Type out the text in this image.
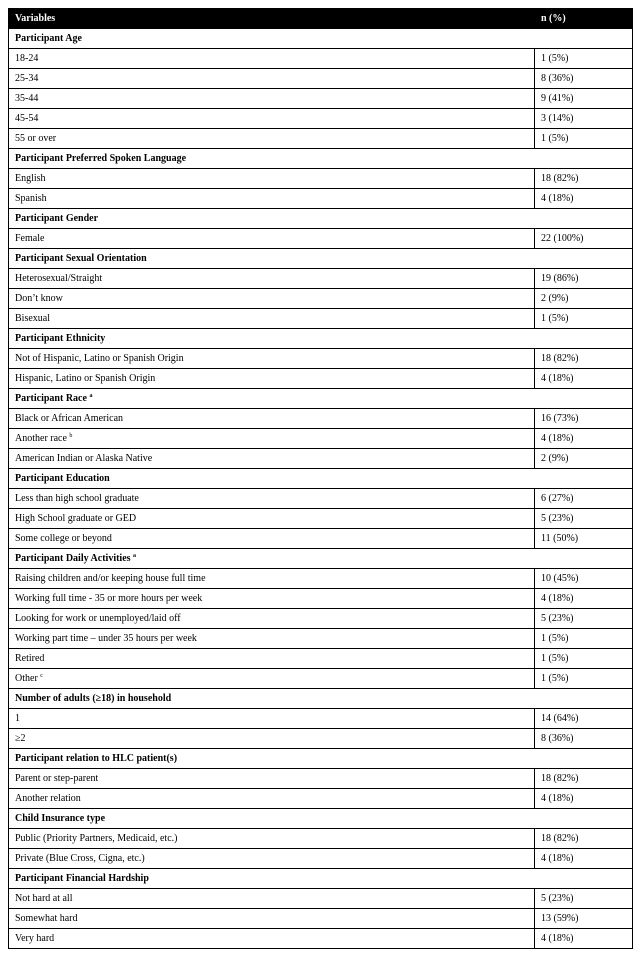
Variables	n (%)
Participant Age	
18-24	1 (5%)
25-34	8 (36%)
35-44	9 (41%)
45-54	3 (14%)
55 or over	1 (5%)
Participant Preferred Spoken Language	
English	18 (82%)
Spanish	4 (18%)
Participant Gender	
Female	22 (100%)
Participant Sexual Orientation	
Heterosexual/Straight	19 (86%)
Don’t know	2 (9%)
Bisexual	1 (5%)
Participant Ethnicity	
Not of Hispanic, Latino or Spanish Origin	18 (82%)
Hispanic, Latino or Spanish Origin	4 (18%)
Participant Race $^a$
Black or African American	16 (73%)
Another race $^b$	4 (18%)
American Indian or Alaska Native	2 (9%)
Participant Education	
Less than high school graduate	6 (27%)
High School graduate or GED	5 (23%)
Some college or beyond	11 (50%)
Participant Daily Activities $^a$
Raising children and/or keeping house full time	10 (45%)
Working full time - 35 or more hours per week	4 (18%)
Looking for work or unemployed/laid off	5 (23%)
Working part time – under 35 hours per week	1 (5%)
Retired	1 (5%)
Other $^c$	1 (5%)
Number of adults (≥18) in household	
1	14 (64%)
≥2	8 (36%)
Participant relation to HLC patient(s)	
Parent or step-parent	18 (82%)
Another relation	4 (18%)
Child Insurance type	
Public (Priority Partners, Medicaid, etc.)	18 (82%)
Private (Blue Cross, Cigna, etc.)	4 (18%)
Participant Financial Hardship	
Not hard at all	5 (23%)
Somewhat hard	13 (59%)
Very hard	4 (18%)
